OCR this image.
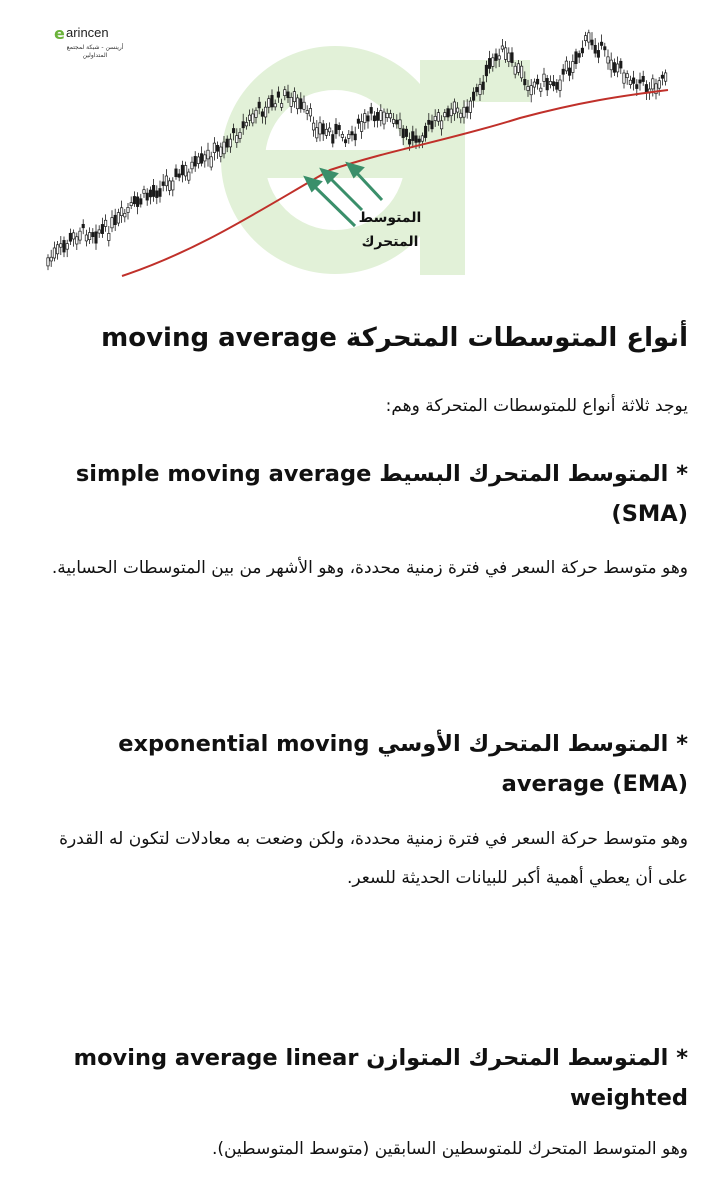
e arincen
أرينسن - شبكة لمجتمع المتداولين
المتوسط المتحرك
أنواع المتوسطات المتحركة moving average

يوجد ثلاثة أنواع للمتوسطات المتحركة وهم:

* المتوسط المتحرك البسيط simple moving average (SMA)

وهو متوسط حركة السعر في فترة زمنية محددة، وهو الأشهر من بين المتوسطات الحسابية.

* المتوسط المتحرك الأوسي exponential moving average (EMA)

وهو متوسط حركة السعر في فترة زمنية محددة، ولكن وضعت به معادلات لتكون له القدرة على أن يعطي أهمية أكبر للبيانات الحديثة للسعر.

* المتوسط المتحرك المتوازن moving average linear weighted

وهو المتوسط المتحرك للمتوسطين السابقين (متوسط المتوسطين).
